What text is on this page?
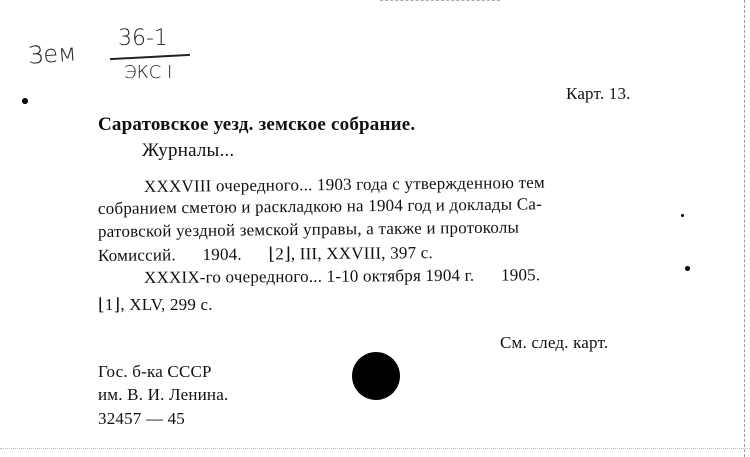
Зем 36-1
ЭКС I
Карт. 13.
Саратовское уезд. земское собрание.
Журналы...
XXXVIII очередного... 1903 года с утвержденною тем
собранием сметою и раскладкою на 1904 год и доклады Са-
ратовской уездной земской управы, а также и протоколы
Комиссий.      1904.      ⌊2⌋, III, XXVIII, 397 с.
XXXIX-го очередного... 1-10 октября 1904 г.      1905.
⌊1⌋, XLV, 299 с.
См. след. карт.
Гос. б-ка СССР
им. В. И. Ленина.
32457 — 45
